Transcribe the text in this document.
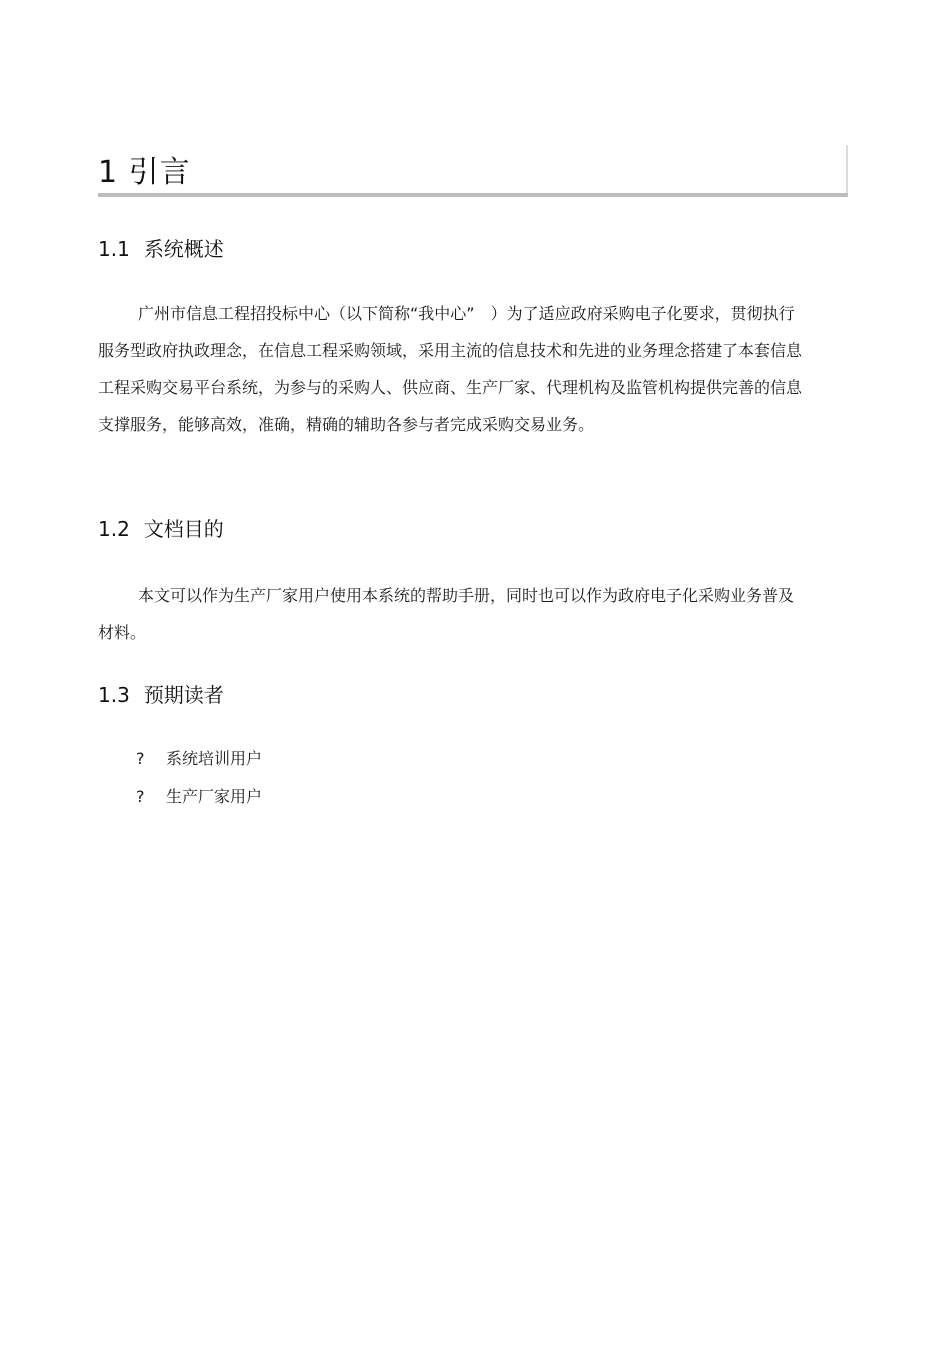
1 引言
1.1 系统概述

广州市信息工程招投标中心（以下简称“我中心”　）为了适应政府采购电子化要求，贯彻执行服务型政府执政理念，在信息工程采购领域，采用主流的信息技术和先进的业务理念搭建了本套信息工程采购交易平台系统，为参与的采购人、供应商、生产厂家、代理机构及监管机构提供完善的信息支撑服务，能够高效，准确，精确的辅助各参与者完成采购交易业务。

1.2 文档目的

本文可以作为生产厂家用户使用本系统的帮助手册，同时也可以作为政府电子化采购业务普及材料。

1.3 预期读者
?	系统培训用户
?	生产厂家用户
